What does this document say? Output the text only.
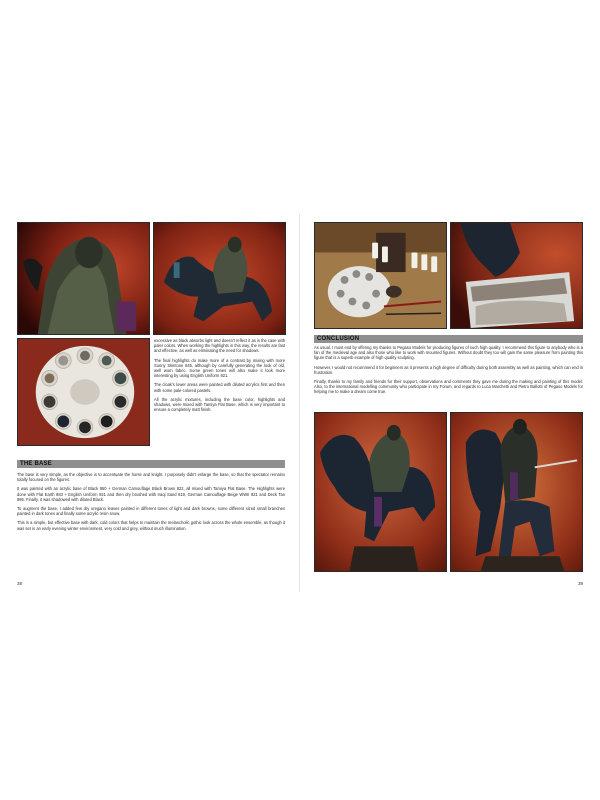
excessive as black absorbs light and doesn't reflect it as is the case with paler colors. When working the highlights in this way, the results are fast and effective, as well as eliminating the need for shadows.

The final highlights do make more of a contrast by mixing with more Sunny Skintone 845, although by carefully generating the look of old, well worn fabric. Some green tones will also make it look more interesting by using English Uniform 921.

The cloak's lower areas were painted with diluted acrylics first and then with some pale-colored pastels.

All the acrylic mixtures, including the base color, highlights and shadows, were mixed with Tamiya Flat Base, which is very important to ensure a completely matt finish.

THE BASE

The base is very simple, as the objective is to accentuate the horse and knight. I purposely didn't enlarge the base, so that the spectator remains totally focused on the figures.

It was painted with an acrylic base of Black 950 + German Camouflage Black Brown 822, all mixed with Tamiya Flat Base. The Highlights were done with Flat Earth 983 + English Uniform 921 and then dry brushed with Iraqi Sand 819, German Camouflage Beige WWII 821 and Deck Tan 986. Finally, it was shadowed with diluted Black.

To augment the base, I added few dry oregano leaves painted in different tones of light and dark browns, some different sized small branches painted in dark tones and finally some acrylic resin snow.

This is a simple, but effective base with dark, cold colors that helps to maintain the melancholic gothic look across the whole ensemble, as though it was set in an early evening winter environment, very cold and grey, without much illumination.

38
CONCLUSION

As usual, I must end by offering my thanks to Pegaso Models for producing figures of such high quality. I recommend this figure to anybody who is a fan of the medieval age and also those who like to work with mounted figures. Without doubt they too will gain the same pleasure from painting this figure that is a superb example of high quality sculpting.

However, I would not recommend it for beginners as it presents a high degree of difficulty during both assembly as well as painting, which can end in frustration.

Finally, thanks to my family and friends for their support, observations and comments they gave me during the making and painting of this model. Also, to the international modelling community who participate in my Forum, and regards to Luca Marchetti and Pietro Ballotti of Pegaso Models for helping me to make a dream come true.

39
